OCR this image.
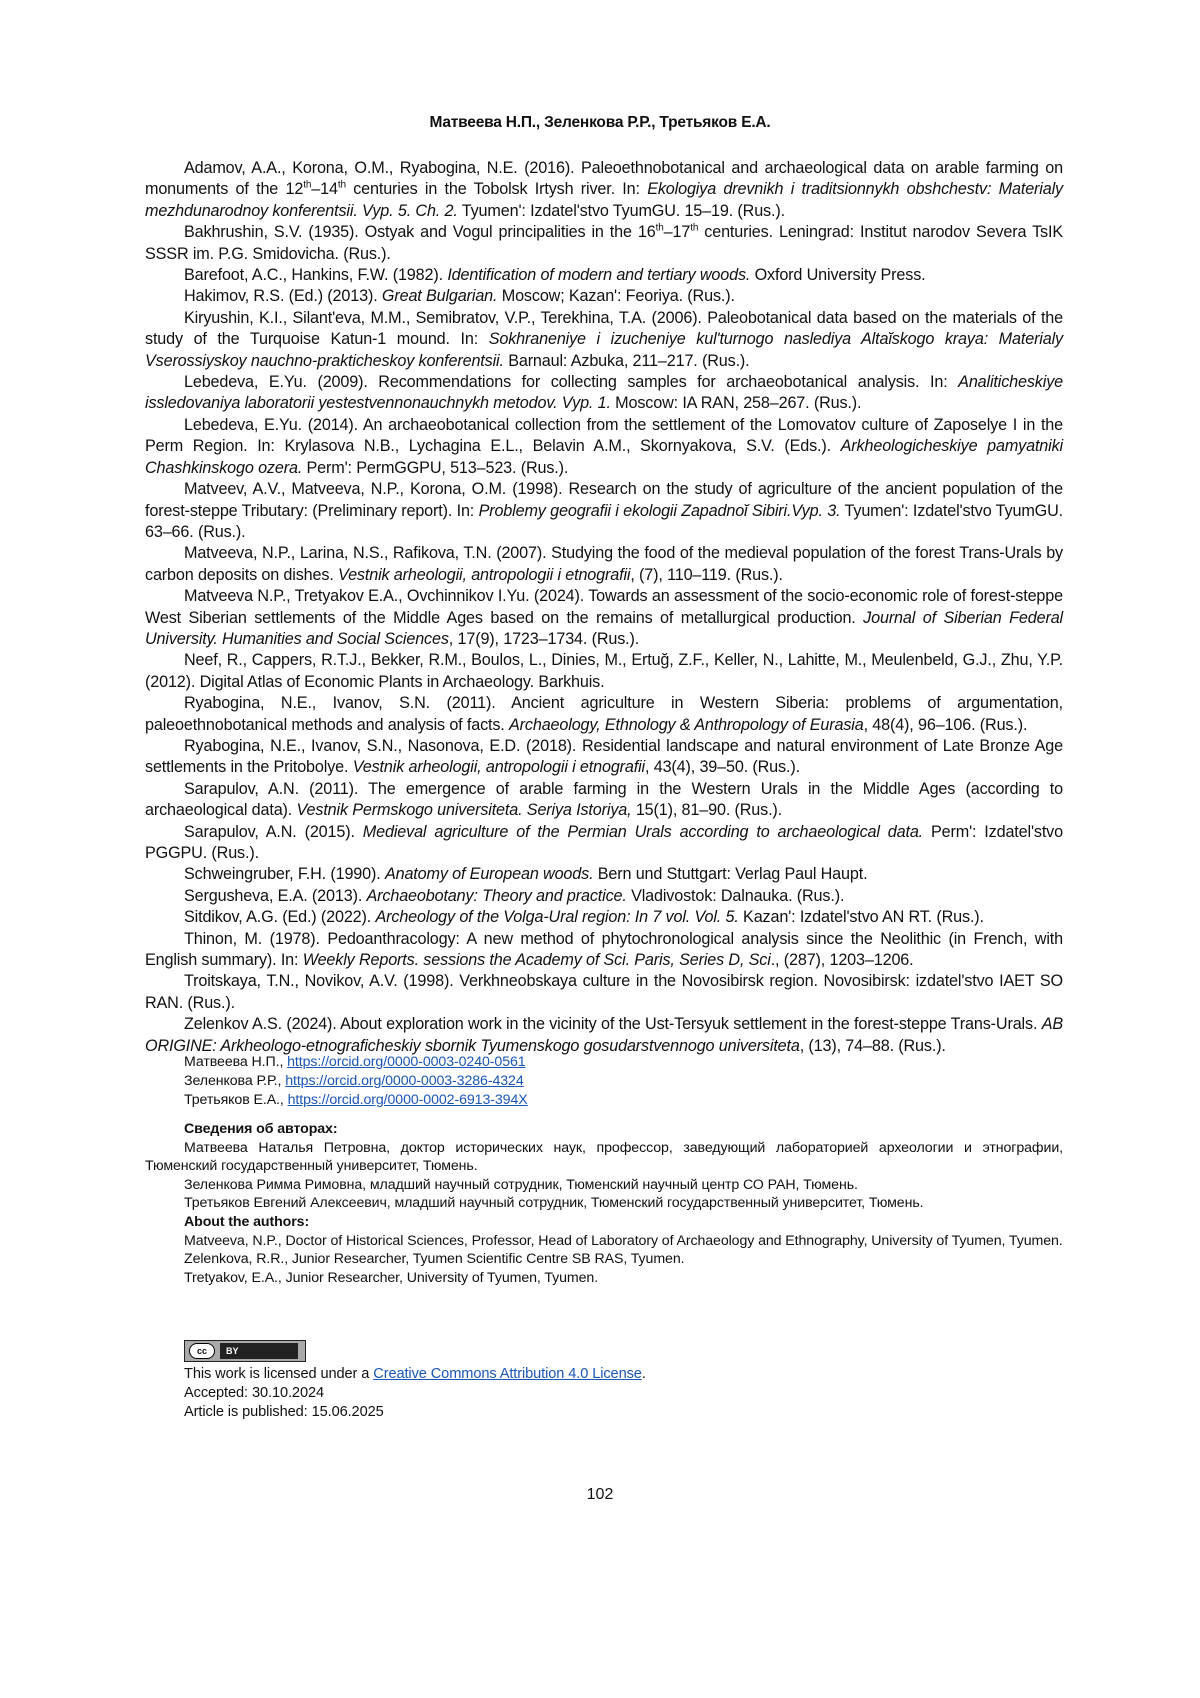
Матвеева Н.П., Зеленкова Р.Р., Третьяков Е.А.

Adamov, A.A., Korona, O.M., Ryabogina, N.E. (2016). Paleoethnobotanical and archaeological data on arable farming on monuments of the 12th–14th centuries in the Tobolsk Irtysh river. In: Ekologiya drevnikh i traditsionnykh obshchestv: Materialy mezhdunarodnoy konferentsii. Vyp. 5. Ch. 2. Tyumen': Izdatel'stvo TyumGU. 15–19. (Rus.).

Bakhrushin, S.V. (1935). Ostyak and Vogul principalities in the 16th–17th centuries. Leningrad: Institut narodov Severa TsIK SSSR im. P.G. Smidovicha. (Rus.).

Barefoot, A.C., Hankins, F.W. (1982). Identification of modern and tertiary woods. Oxford University Press.

Hakimov, R.S. (Ed.) (2013). Great Bulgarian. Moscow; Kazan': Feoriya. (Rus.).

Kiryushin, K.I., Silant'eva, M.M., Semibratov, V.P., Terekhina, T.A. (2006). Paleobotanical data based on the materials of the study of the Turquoise Katun-1 mound. In: Sokhraneniye i izucheniye kul'turnogo naslediya Altaĭskogo kraya: Materialy Vserossiyskoy nauchno-prakticheskoy konferentsii. Barnaul: Azbuka, 211–217. (Rus.).

Lebedeva, E.Yu. (2009). Recommendations for collecting samples for archaeobotanical analysis. In: Analiticheskiye issledovaniya laboratorii yestestvennonauchnykh metodov. Vyp. 1. Moscow: IA RAN, 258–267. (Rus.).

Lebedeva, E.Yu. (2014). An archaeobotanical collection from the settlement of the Lomovatov culture of Zaposelye I in the Perm Region. In: Krylasova N.B., Lychagina E.L., Belavin A.M., Skornyakova, S.V. (Eds.). Arkheologicheskiye pamyatniki Chashkinskogo ozera. Perm': PermGGPU, 513–523. (Rus.).

Matveev, A.V., Matveeva, N.P., Korona, O.M. (1998). Research on the study of agriculture of the ancient population of the forest-steppe Tributary: (Preliminary report). In: Problemy geografii i ekologii Zapadnoĭ Sibiri.Vyp. 3. Tyumen': Izdatel'stvo TyumGU. 63–66. (Rus.).

Matveeva, N.P., Larina, N.S., Rafikova, T.N. (2007). Studying the food of the medieval population of the forest Trans-Urals by carbon deposits on dishes. Vestnik arheologii, antropologii i etnografii, (7), 110–119. (Rus.).

Matveeva N.P., Tretyakov E.A., Ovchinnikov I.Yu. (2024). Towards an assessment of the socio-economic role of forest-steppe West Siberian settlements of the Middle Ages based on the remains of metallurgical production. Journal of Siberian Federal University. Humanities and Social Sciences, 17(9), 1723–1734. (Rus.).

Neef, R., Cappers, R.T.J., Bekker, R.M., Boulos, L., Dinies, M., Ertuğ, Z.F., Keller, N., Lahitte, M., Meulenbeld, G.J., Zhu, Y.P. (2012). Digital Atlas of Economic Plants in Archaeology. Barkhuis.

Ryabogina, N.E., Ivanov, S.N. (2011). Ancient agriculture in Western Siberia: problems of argumentation, paleoethnobotanical methods and analysis of facts. Archaeology, Ethnology & Anthropology of Eurasia, 48(4), 96–106. (Rus.).

Ryabogina, N.E., Ivanov, S.N., Nasonova, E.D. (2018). Residential landscape and natural environment of Late Bronze Age settlements in the Pritobolye. Vestnik arheologii, antropologii i etnografii, 43(4), 39–50. (Rus.).

Sarapulov, A.N. (2011). The emergence of arable farming in the Western Urals in the Middle Ages (according to archaeological data). Vestnik Permskogo universiteta. Seriya Istoriya, 15(1), 81–90. (Rus.).

Sarapulov, A.N. (2015). Medieval agriculture of the Permian Urals according to archaeological data. Perm': Izdatel'stvo PGGPU. (Rus.).

Schweingruber, F.H. (1990). Anatomy of European woods. Bern und Stuttgart: Verlag Paul Haupt.

Sergusheva, E.A. (2013). Archaeobotany: Theory and practice. Vladivostok: Dalnauka. (Rus.).

Sitdikov, A.G. (Ed.) (2022). Archeology of the Volga-Ural region: In 7 vol. Vol. 5. Kazan': Izdatel'stvo AN RT. (Rus.).

Thinon, M. (1978). Pedoanthracology: A new method of phytochronological analysis since the Neolithic (in French, with English summary). In: Weekly Reports. sessions the Academy of Sci. Paris, Series D, Sci., (287), 1203–1206.

Troitskaya, T.N., Novikov, A.V. (1998). Verkhneobskaya culture in the Novosibirsk region. Novosibirsk: izdatel'stvo IAET SO RAN. (Rus.).

Zelenkov A.S. (2024). About exploration work in the vicinity of the Ust-Tersyuk settlement in the forest-steppe Trans-Urals. AB ORIGINE: Arkheologo-etnograficheskiy sbornik Tyumenskogo gosudarstvennogo universiteta, (13), 74–88. (Rus.).

Матвеева Н.П., https://orcid.org/0000-0003-0240-0561
Зеленкова Р.Р., https://orcid.org/0000-0003-3286-4324
Третьяков Е.А., https://orcid.org/0000-0002-6913-394X

Сведения об авторах:

Матвеева Наталья Петровна, доктор исторических наук, профессор, заведующий лабораторией археологии и этнографии, Тюменский государственный университет, Тюмень.

Зеленкова Римма Римовна, младший научный сотрудник, Тюменский научный центр СО РАН, Тюмень.

Третьяков Евгений Алексеевич, младший научный сотрудник, Тюменский государственный университет, Тюмень.

About the authors:

Matveeva, N.P., Doctor of Historical Sciences, Professor, Head of Laboratory of Archaeology and Ethnography, University of Tyumen, Tyumen.

Zelenkova, R.R., Junior Researcher, Tyumen Scientific Centre SB RAS, Tyumen.

Tretyakov, E.A., Junior Researcher, University of Tyumen, Tyumen.

cc	BY

This work is licensed under a Creative Commons Attribution 4.0 License.

Accepted: 30.10.2024

Article is published: 15.06.2025

102
